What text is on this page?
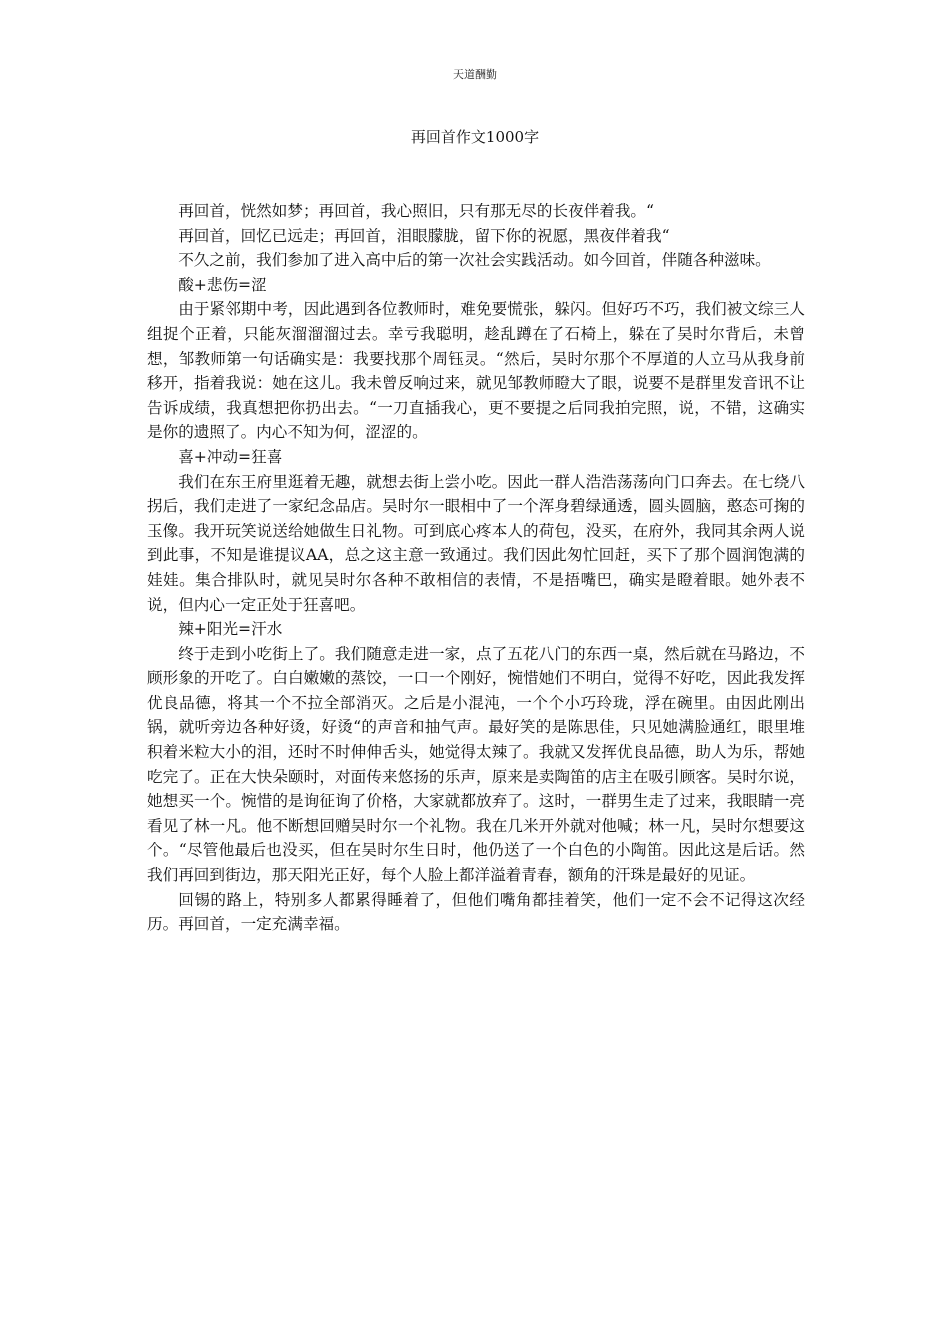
天道酬勤
再回首作文1000字

再回首，恍然如梦；再回首，我心照旧，只有那无尽的长夜伴着我。“

再回首，回忆已远走；再回首，泪眼朦胧，留下你的祝愿，黑夜伴着我“

不久之前，我们参加了进入高中后的第一次社会实践活动。如今回首，伴随各种滋味。

酸+悲伤=涩

由于紧邻期中考，因此遇到各位教师时，难免要慌张，躲闪。但好巧不巧，我们被文综三人组捉个正着，只能灰溜溜溜过去。幸亏我聪明，趁乱蹲在了石椅上，躲在了吴时尔背后，未曾想，邹教师第一句话确实是：我要找那个周钰灵。“然后，吴时尔那个不厚道的人立马从我身前移开，指着我说：她在这儿。我未曾反响过来，就见邹教师瞪大了眼，说要不是群里发音讯不让告诉成绩，我真想把你扔出去。“一刀直插我心，更不要提之后同我拍完照，说，不错，这确实是你的遗照了。内心不知为何，涩涩的。

喜+冲动=狂喜

我们在东王府里逛着无趣，就想去街上尝小吃。因此一群人浩浩荡荡向门口奔去。在七绕八拐后，我们走进了一家纪念品店。吴时尔一眼相中了一个浑身碧绿通透，圆头圆脑，憨态可掬的玉像。我开玩笑说送给她做生日礼物。可到底心疼本人的荷包，没买，在府外，我同其余两人说到此事，不知是谁提议AA，总之这主意一致通过。我们因此匆忙回赶，买下了那个圆润饱满的娃娃。集合排队时，就见吴时尔各种不敢相信的表情，不是捂嘴巴，确实是瞪着眼。她外表不说，但内心一定正处于狂喜吧。

辣+阳光=汗水

终于走到小吃街上了。我们随意走进一家，点了五花八门的东西一桌，然后就在马路边，不顾形象的开吃了。白白嫩嫩的蒸饺，一口一个刚好，惋惜她们不明白，觉得不好吃，因此我发挥优良品德，将其一个不拉全部消灭。之后是小混沌，一个个小巧玲珑，浮在碗里。由因此刚出锅，就听旁边各种好烫，好烫“的声音和抽气声。最好笑的是陈思佳，只见她满脸通红，眼里堆积着米粒大小的泪，还时不时伸伸舌头，她觉得太辣了。我就又发挥优良品德，助人为乐，帮她吃完了。正在大快朵颐时，对面传来悠扬的乐声，原来是卖陶笛的店主在吸引顾客。吴时尔说，她想买一个。惋惜的是询征询了价格，大家就都放弃了。这时，一群男生走了过来，我眼睛一亮看见了林一凡。他不断想回赠吴时尔一个礼物。我在几米开外就对他喊；林一凡，吴时尔想要这个。“尽管他最后也没买，但在吴时尔生日时，他仍送了一个白色的小陶笛。因此这是后话。然我们再回到街边，那天阳光正好，每个人脸上都洋溢着青春，额角的汗珠是最好的见证。

回锡的路上，特别多人都累得睡着了，但他们嘴角都挂着笑，他们一定不会不记得这次经历。再回首，一定充满幸福。
